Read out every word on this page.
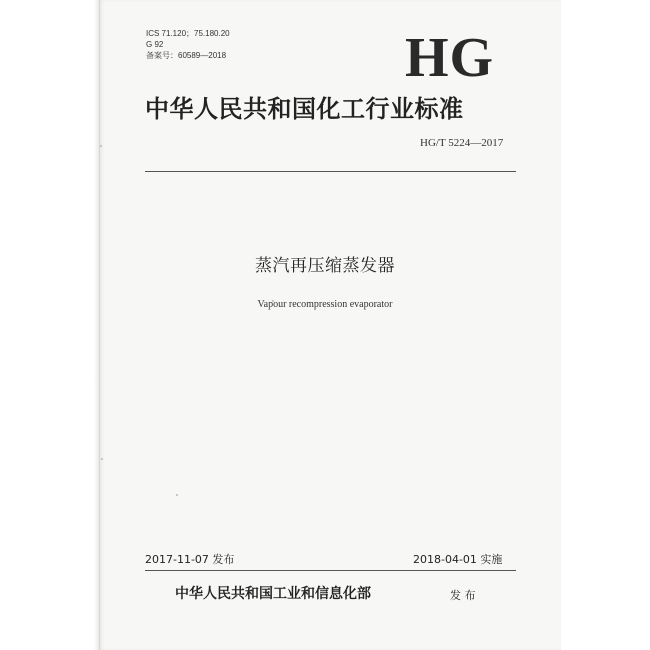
ICS 71.120；75.180.20
G 92
备案号：60589—2018	HG
中华人民共和国化工行业标准
HG/T 5224—2017
蒸汽再压缩蒸发器
Vapour recompression evaporator
2017-11-07 发布	2018-04-01 实施
中华人民共和国工业和信息化部	发 布
